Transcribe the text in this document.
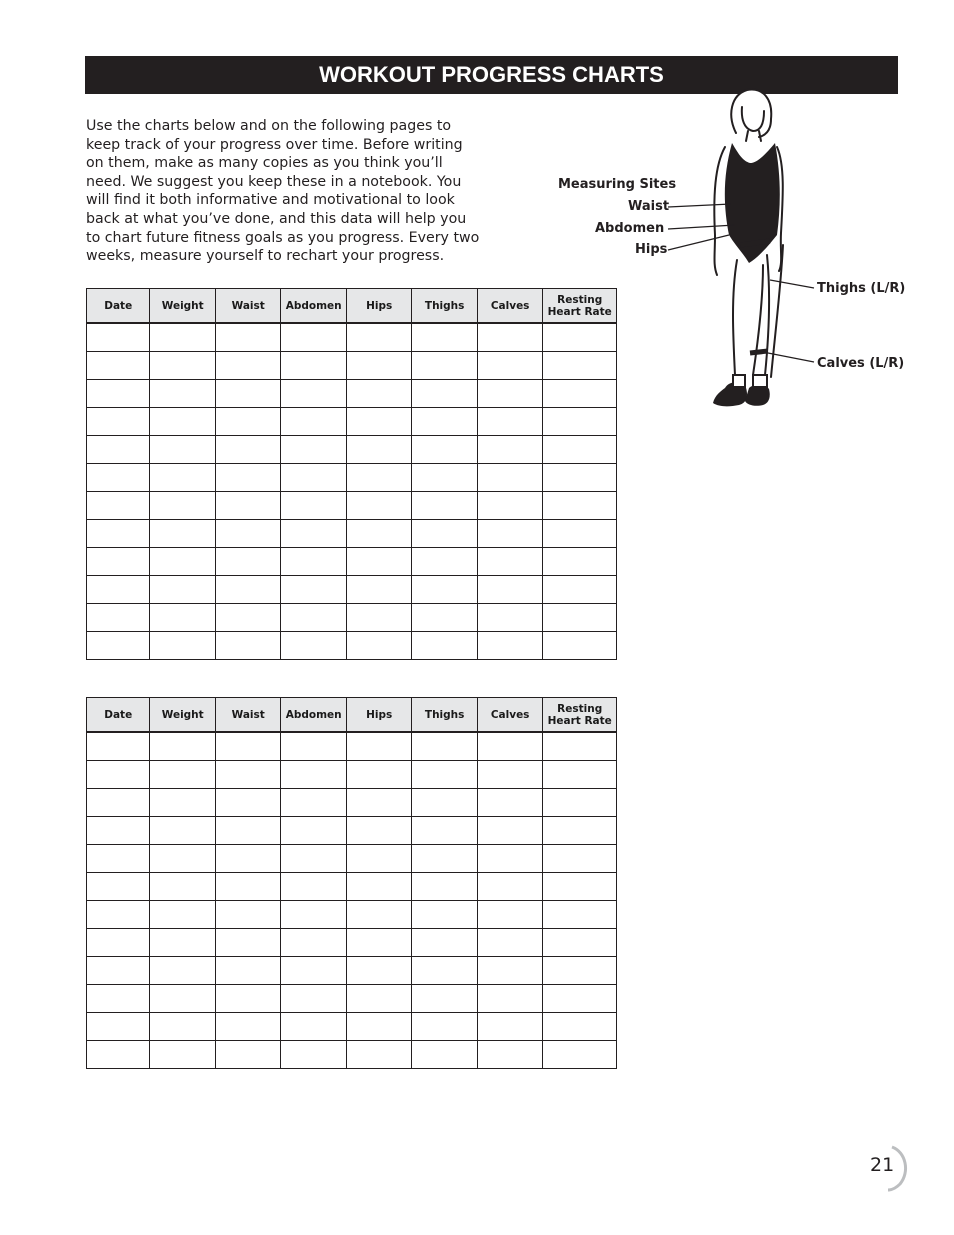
WORKOUT PROGRESS CHARTS
Use the charts below and on the following pages to
keep track of your progress over time. Before writing
on them, make as many copies as you think you’ll
need. We suggest you keep these in a notebook. You
will find it both informative and motivational to look
back at what you’ve done, and this data will help you
to chart future fitness goals as you progress. Every two
weeks, measure yourself to rechart your progress.
Date	Weight	Waist	Abdomen	Hips	Thighs	Calves	Resting
Heart Rate

Date	Weight	Waist	Abdomen	Hips	Thighs	Calves	Resting
Heart Rate

Measuring Sites
Waist
Abdomen
Hips
Thighs (L/R)
Calves (L/R)
21
